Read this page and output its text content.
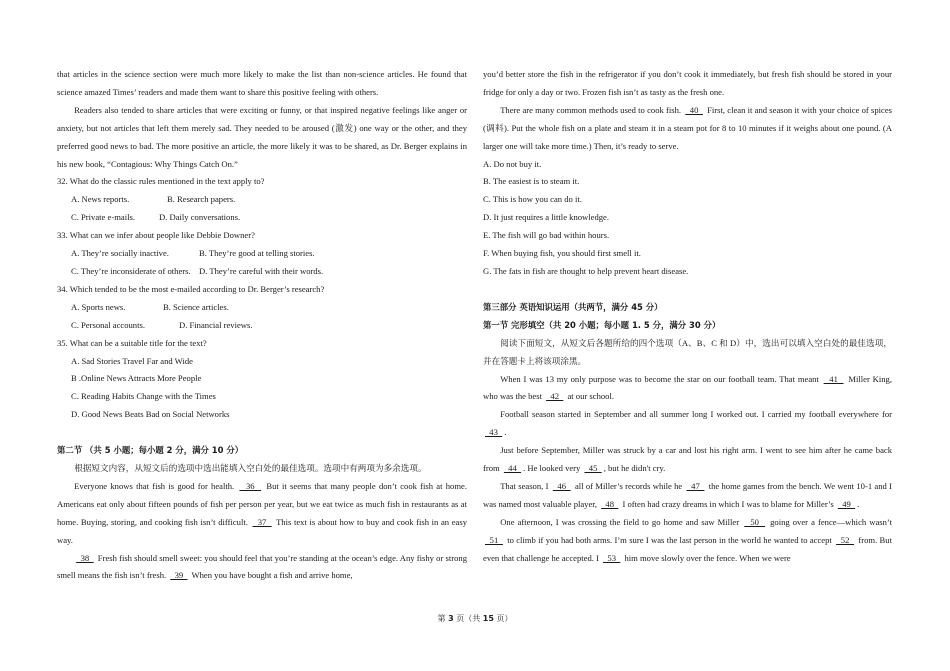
that articles in the science section were much more likely to make the list than non-science articles. He found that science amazed Times’ readers and made them want to share this positive feeling with others.
Readers also tended to share articles that were exciting or funny, or that inspired negative feelings like anger or anxiety, but not articles that left them merely sad. They needed to be aroused (激发) one way or the other, and they preferred good news to bad. The more positive an article, the more likely it was to be shared, as Dr. Berger explains in his new book, “Contagious: Why Things Catch On.”
32. What do the classic rules mentioned in the text apply to?
A. News reports.	B. Research papers.
C. Private e-mails.	D. Daily conversations.
33. What can we infer about people like Debbie Downer?
A. They’re socially inactive.	B. They’re good at telling stories.
C. They’re inconsiderate of others. D. They’re careful with their words.
34. Which tended to be the most e-mailed according to Dr. Berger’s research?
A. Sports news.	B. Science articles.
C. Personal accounts.	D. Financial reviews.
35. What can be a suitable title for the text?
A. Sad Stories Travel Far and Wide
B .Online News Attracts More People
C. Reading Habits Change with the Times
D. Good News Beats Bad on Social Networks
第二节 （共 5 小题；每小题 2 分，满分 10 分）
根据短文内容，从短文后的选项中选出能填入空白处的最佳选项。选项中有两项为多余选项。
Everyone knows that fish is good for health.   36   But it seems that many people don’t cook fish at home. Americans eat only about fifteen pounds of fish per person per year, but we eat twice as much fish in restaurants as at home. Buying, storing, and cooking fish isn’t difficult.   37   This text is about how to buy and cook fish in an easy way.
38   Fresh fish should smell sweet: you should feel that you’re standing at the ocean’s edge. Any fishy or strong smell means the fish isn’t fresh.   39   When you have bought a fish and arrive home,
you’d better store the fish in the refrigerator if you don’t cook it immediately, but fresh fish should be stored in your fridge for only a day or two. Frozen fish isn’t as tasty as the fresh one.
There are many common methods used to cook fish.   40   First, clean it and season it with your choice of spices (调料). Put the whole fish on a plate and steam it in a steam pot for 8 to 10 minutes if it weighs about one pound. (A larger one will take more time.) Then, it’s ready to serve.
A. Do not buy it.
B. The easiest is to steam it.
C. This is how you can do it.
D. It just requires a little knowledge.
E. The fish will go bad within hours.
F. When buying fish, you should first smell it.
G. The fats in fish are thought to help prevent heart disease.
第三部分 英语知识运用（共两节，满分 45 分）
第一节 完形填空（共 20 小题；每小题 1. 5 分，满分 30 分）
阅读下面短文，从短文后各题所给的四个选项（A、B、C 和 D）中，选出可以填入空白处的最佳选项，并在答题卡上将该项涂黑。
When I was 13 my only purpose was to become the star on our football team. That meant   41   Miller King, who was the best   42   at our school.
Football season started in September and all summer long I worked out. I carried my football everywhere for   43  .
Just before September, Miller was struck by a car and lost his right arm. I went to see him after he came back from   44  . He looked very   45  , but he didn't cry.
That season, I   46   all of Miller’s records while he   47   the home games from the bench. We went 10-1 and I was named most valuable player,   48   I often had crazy dreams in which I was to blame for Miller’s   49  .
One afternoon, I was crossing the field to go home and saw Miller   50   going over a fence—which wasn’t   51   to climb if you had both arms. I’m sure I was the last person in the world he wanted to accept   52   from. But even that challenge he accepted. I   53   him move slowly over the fence. When we were
第 3 页（共 15 页）
